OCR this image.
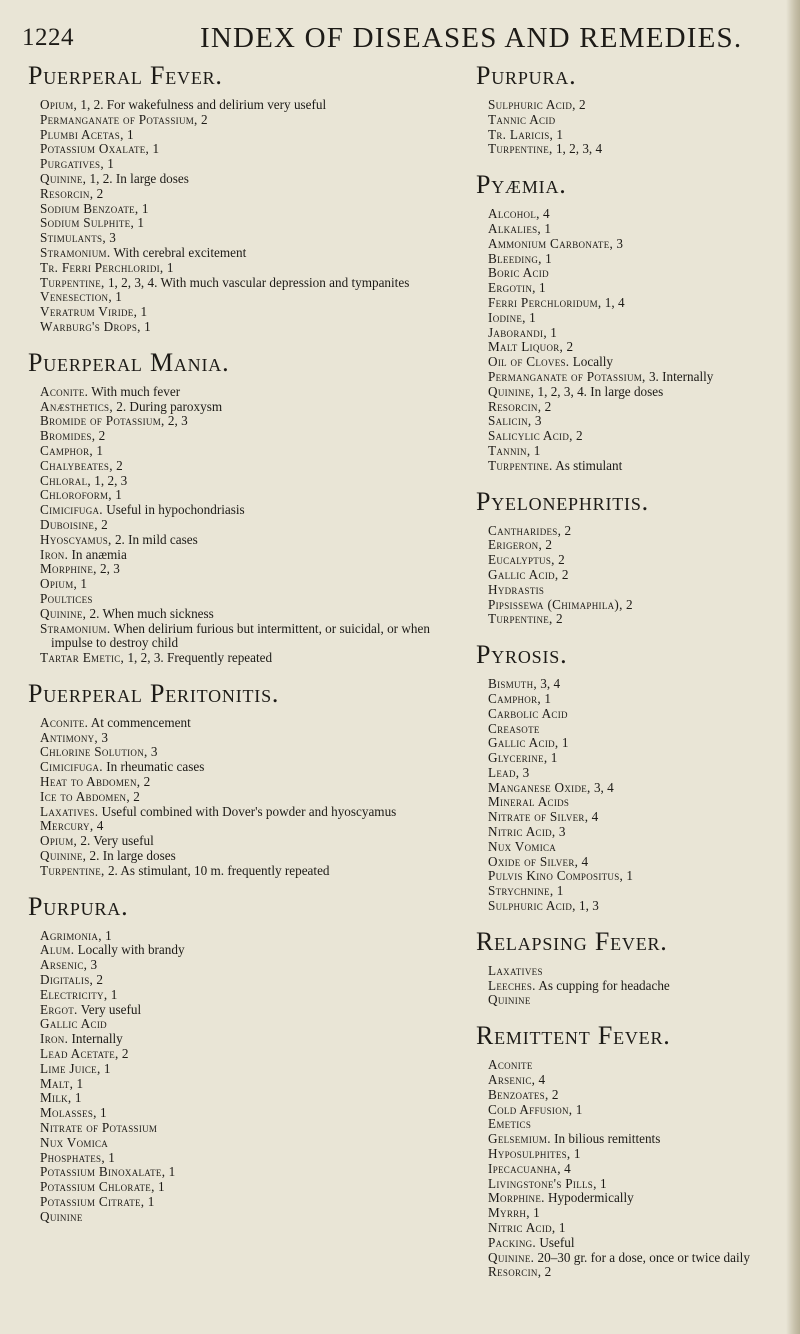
1224	INDEX OF DISEASES AND REMEDIES.
Puerperal Fever.
Opium, 1, 2. For wakefulness and delirium very useful
Permanganate of Potassium, 2
Plumbi Acetas, 1
Potassium Oxalate, 1
Purgatives, 1
Quinine, 1, 2. In large doses
Resorcin, 2
Sodium Benzoate, 1
Sodium Sulphite, 1
Stimulants, 3
Stramonium. With cerebral excitement
Tr. Ferri Perchloridi, 1
Turpentine, 1, 2, 3, 4. With much vascular depression and tympanites
Venesection, 1
Veratrum Viride, 1
Warburg's Drops, 1
Puerperal Mania.
Aconite. With much fever
Anæsthetics, 2. During paroxysm
Bromide of Potassium, 2, 3
Bromides, 2
Camphor, 1
Chalybeates, 2
Chloral, 1, 2, 3
Chloroform, 1
Cimicifuga. Useful in hypochondriasis
Duboisine, 2
Hyoscyamus, 2. In mild cases
Iron. In anæmia
Morphine, 2, 3
Opium, 1
Poultices
Quinine, 2. When much sickness
Stramonium. When delirium furious but intermittent, or suicidal, or when impulse to destroy child
Tartar Emetic, 1, 2, 3. Frequently repeated
Puerperal Peritonitis.
Aconite. At commencement
Antimony, 3
Chlorine Solution, 3
Cimicifuga. In rheumatic cases
Heat to Abdomen, 2
Ice to Abdomen, 2
Laxatives. Useful combined with Dover's powder and hyoscyamus
Mercury, 4
Opium, 2. Very useful
Quinine, 2. In large doses
Turpentine, 2. As stimulant, 10 m. frequently repeated
Purpura.
Agrimonia, 1
Alum. Locally with brandy
Arsenic, 3
Digitalis, 2
Electricity, 1
Ergot. Very useful
Gallic Acid
Iron. Internally
Lead Acetate, 2
Lime Juice, 1
Malt, 1
Milk, 1
Molasses, 1
Nitrate of Potassium
Nux Vomica
Phosphates, 1
Potassium Binoxalate, 1
Potassium Chlorate, 1
Potassium Citrate, 1
Quinine
Purpura.
Sulphuric Acid, 2
Tannic Acid
Tr. Laricis, 1
Turpentine, 1, 2, 3, 4
Pyæmia.
Alcohol, 4
Alkalies, 1
Ammonium Carbonate, 3
Bleeding, 1
Boric Acid
Ergotin, 1
Ferri Perchloridum, 1, 4
Iodine, 1
Jaborandi, 1
Malt Liquor, 2
Oil of Cloves. Locally
Permanganate of Potassium, 3. Internally
Quinine, 1, 2, 3, 4. In large doses
Resorcin, 2
Salicin, 3
Salicylic Acid, 2
Tannin, 1
Turpentine. As stimulant
Pyelonephritis.
Cantharides, 2
Erigeron, 2
Eucalyptus, 2
Gallic Acid, 2
Hydrastis
Pipsissewa (Chimaphila), 2
Turpentine, 2
Pyrosis.
Bismuth, 3, 4
Camphor, 1
Carbolic Acid
Creasote
Gallic Acid, 1
Glycerine, 1
Lead, 3
Manganese Oxide, 3, 4
Mineral Acids
Nitrate of Silver, 4
Nitric Acid, 3
Nux Vomica
Oxide of Silver, 4
Pulvis Kino Compositus, 1
Strychnine, 1
Sulphuric Acid, 1, 3
Relapsing Fever.
Laxatives
Leeches. As cupping for headache
Quinine
Remittent Fever.
Aconite
Arsenic, 4
Benzoates, 2
Cold Affusion, 1
Emetics
Gelsemium. In bilious remittents
Hyposulphites, 1
Ipecacuanha, 4
Livingstone's Pills, 1
Morphine. Hypodermically
Myrrh, 1
Nitric Acid, 1
Packing. Useful
Quinine. 20–30 gr. for a dose, once or twice daily
Resorcin, 2
